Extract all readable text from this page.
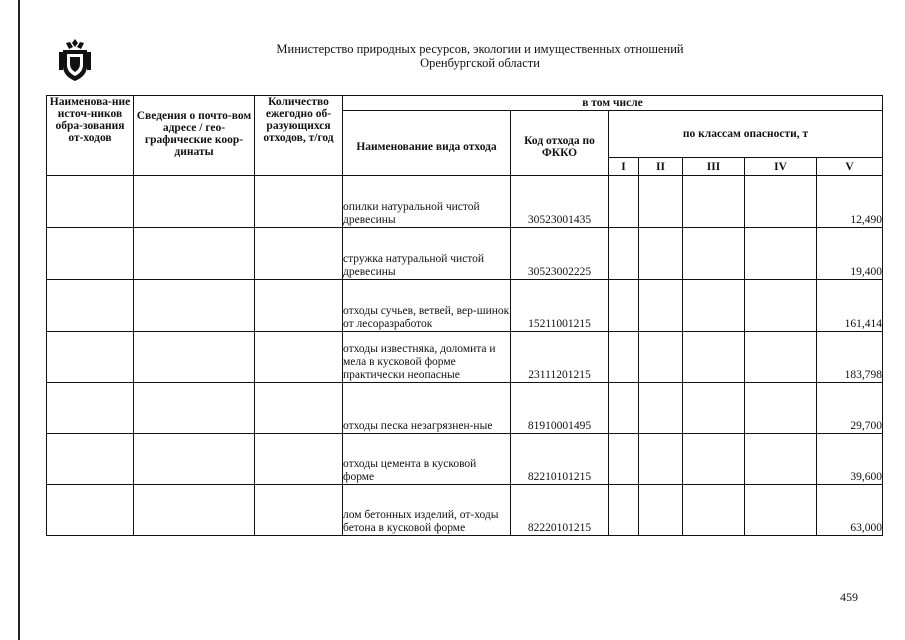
Министерство природных ресурсов, экологии и имущественных отношений
Оренбургской области
Наименова-ние источ-ников обра-зования от-ходов	Сведения о почто-вом адресе / гео-графические коор-динаты	Количество ежегодно об-разующихся отходов, т/год	в том числе						
			Наименование вида отхода	Код отхода по ФККО	по классам опасности, т				
					I	II	III	IV	V
			опилки натуральной чистой древесины	30523001435					12,490
			стружка натуральной чистой древесины	30523002225					19,400
			отходы сучьев, ветвей, вер-шинок от лесоразработок	15211001215					161,414
			отходы известняка, доломита и мела в кусковой форме практически неопасные	23111201215					183,798
			отходы песка незагрязнен-ные	81910001495					29,700
			отходы цемента в кусковой форме	82210101215					39,600
			лом бетонных изделий, от-ходы бетона в кусковой форме	82220101215					63,000
459
